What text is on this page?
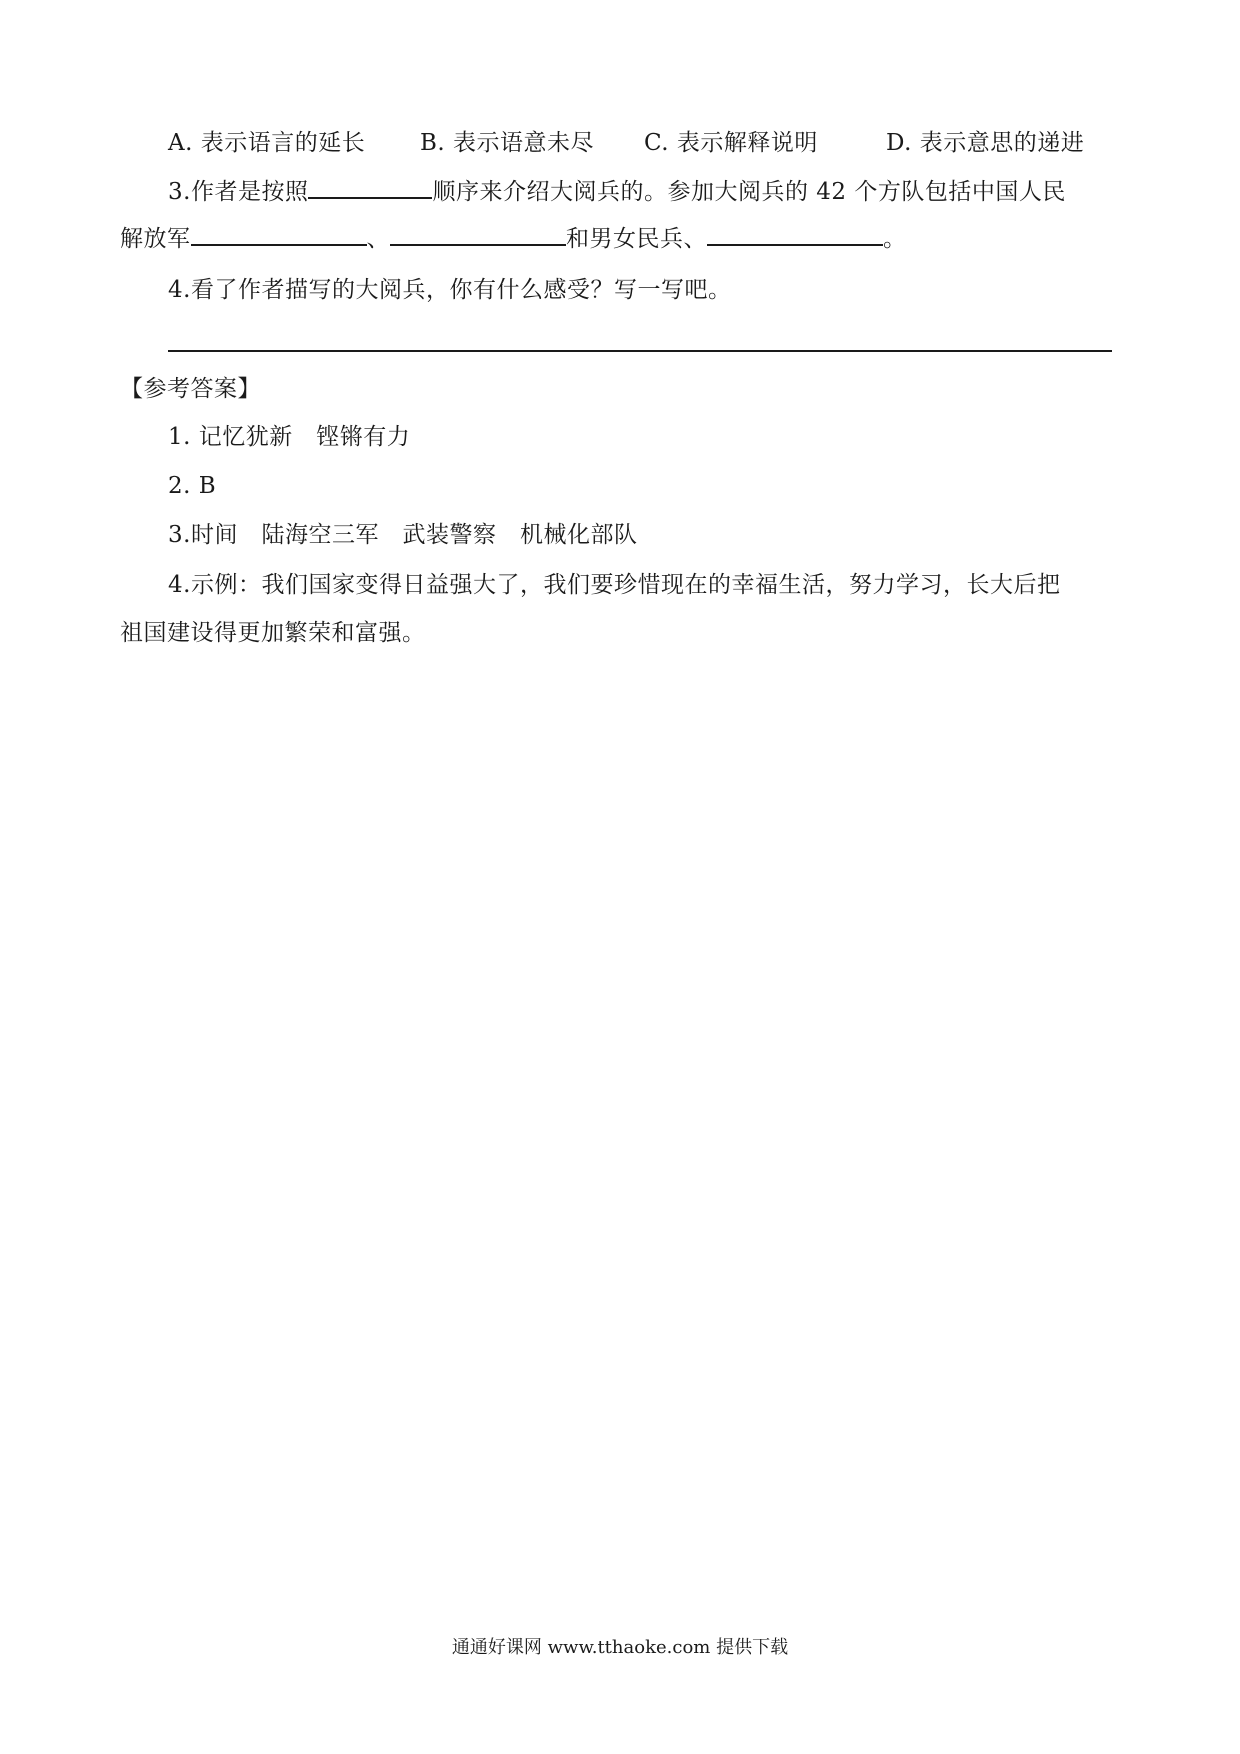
A. 表示语言的延长 B. 表示语意未尽 C. 表示解释说明	D. 表示意思的递进
3.作者是按照	顺序来介绍大阅兵的。参加大阅兵的 42 个方队包括中国人民
解放军	、	和男女民兵、	。
4.看了作者描写的大阅兵，你有什么感受？写一写吧。
【参考答案】
1. 记忆犹新　铿锵有力
2. B
3.时间　陆海空三军　武装警察　机械化部队
4.示例：我们国家变得日益强大了，我们要珍惜现在的幸福生活，努力学习，长大后把
祖国建设得更加繁荣和富强。
通通好课网 www.tthaoke.com 提供下载
